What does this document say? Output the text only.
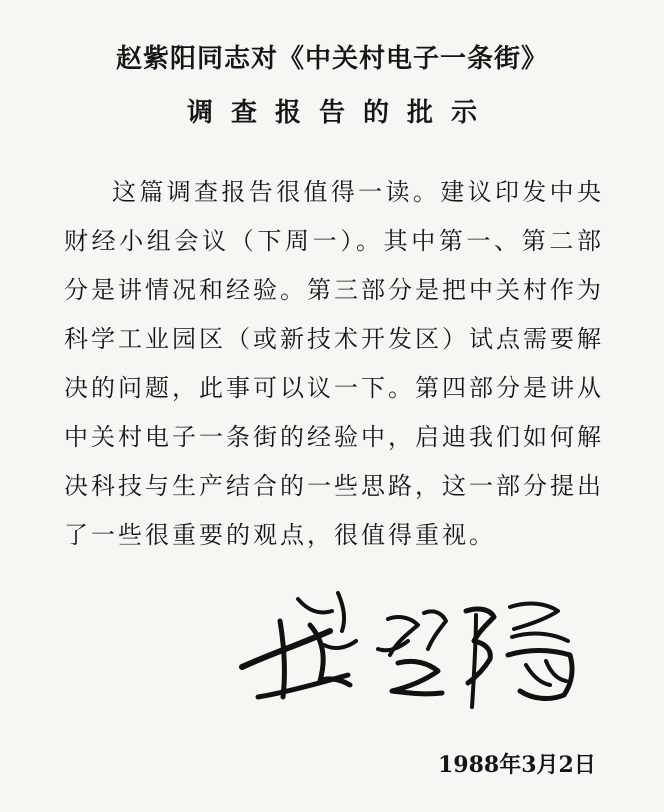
赵紫阳同志对《中关村电子一条街》
调查报告的批示

这篇调查报告很值得一读。建议印发中央财经小组会议（下周一）。其中第一、第二部分是讲情况和经验。第三部分是把中关村作为科学工业园区（或新技术开发区）试点需要解决的问题，此事可以议一下。第四部分是讲从中关村电子一条街的经验中，启迪我们如何解决科技与生产结合的一些思路，这一部分提出了一些很重要的观点，很值得重视。

1988年3月2日
